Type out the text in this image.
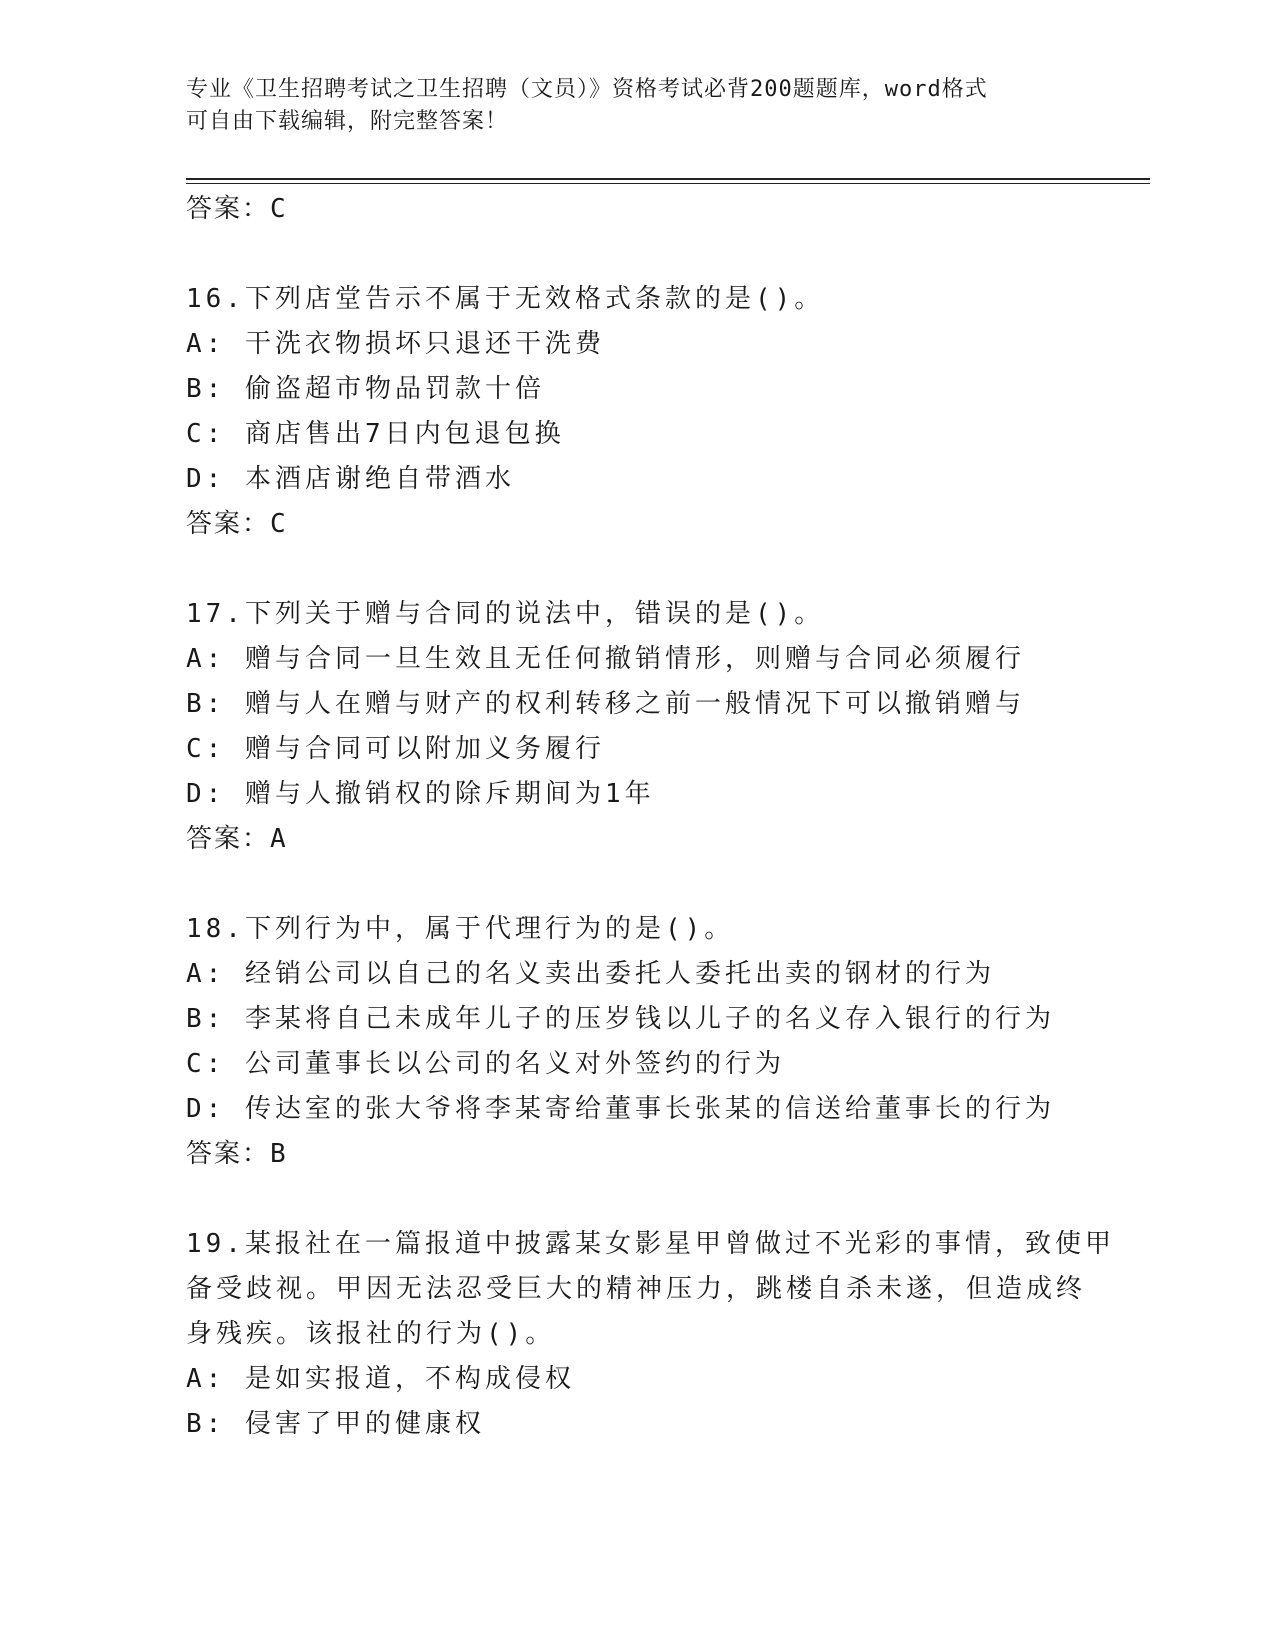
专业《卫生招聘考试之卫生招聘（文员）》资格考试必背200题题库，word格式
可自由下载编辑，附完整答案！
答案：C
16.下列店堂告示不属于无效格式条款的是()。
A: 干洗衣物损坏只退还干洗费
B: 偷盗超市物品罚款十倍
C: 商店售出7日内包退包换
D: 本酒店谢绝自带酒水
答案：C
17.下列关于赠与合同的说法中，错误的是()。
A: 赠与合同一旦生效且无任何撤销情形，则赠与合同必须履行
B: 赠与人在赠与财产的权利转移之前一般情况下可以撤销赠与
C: 赠与合同可以附加义务履行
D: 赠与人撤销权的除斥期间为1年
答案：A
18.下列行为中，属于代理行为的是()。
A: 经销公司以自己的名义卖出委托人委托出卖的钢材的行为
B: 李某将自己未成年儿子的压岁钱以儿子的名义存入银行的行为
C: 公司董事长以公司的名义对外签约的行为
D: 传达室的张大爷将李某寄给董事长张某的信送给董事长的行为
答案：B
19.某报社在一篇报道中披露某女影星甲曾做过不光彩的事情，致使甲
备受歧视。甲因无法忍受巨大的精神压力，跳楼自杀未遂，但造成终
身残疾。该报社的行为()。
A: 是如实报道，不构成侵权
B: 侵害了甲的健康权
